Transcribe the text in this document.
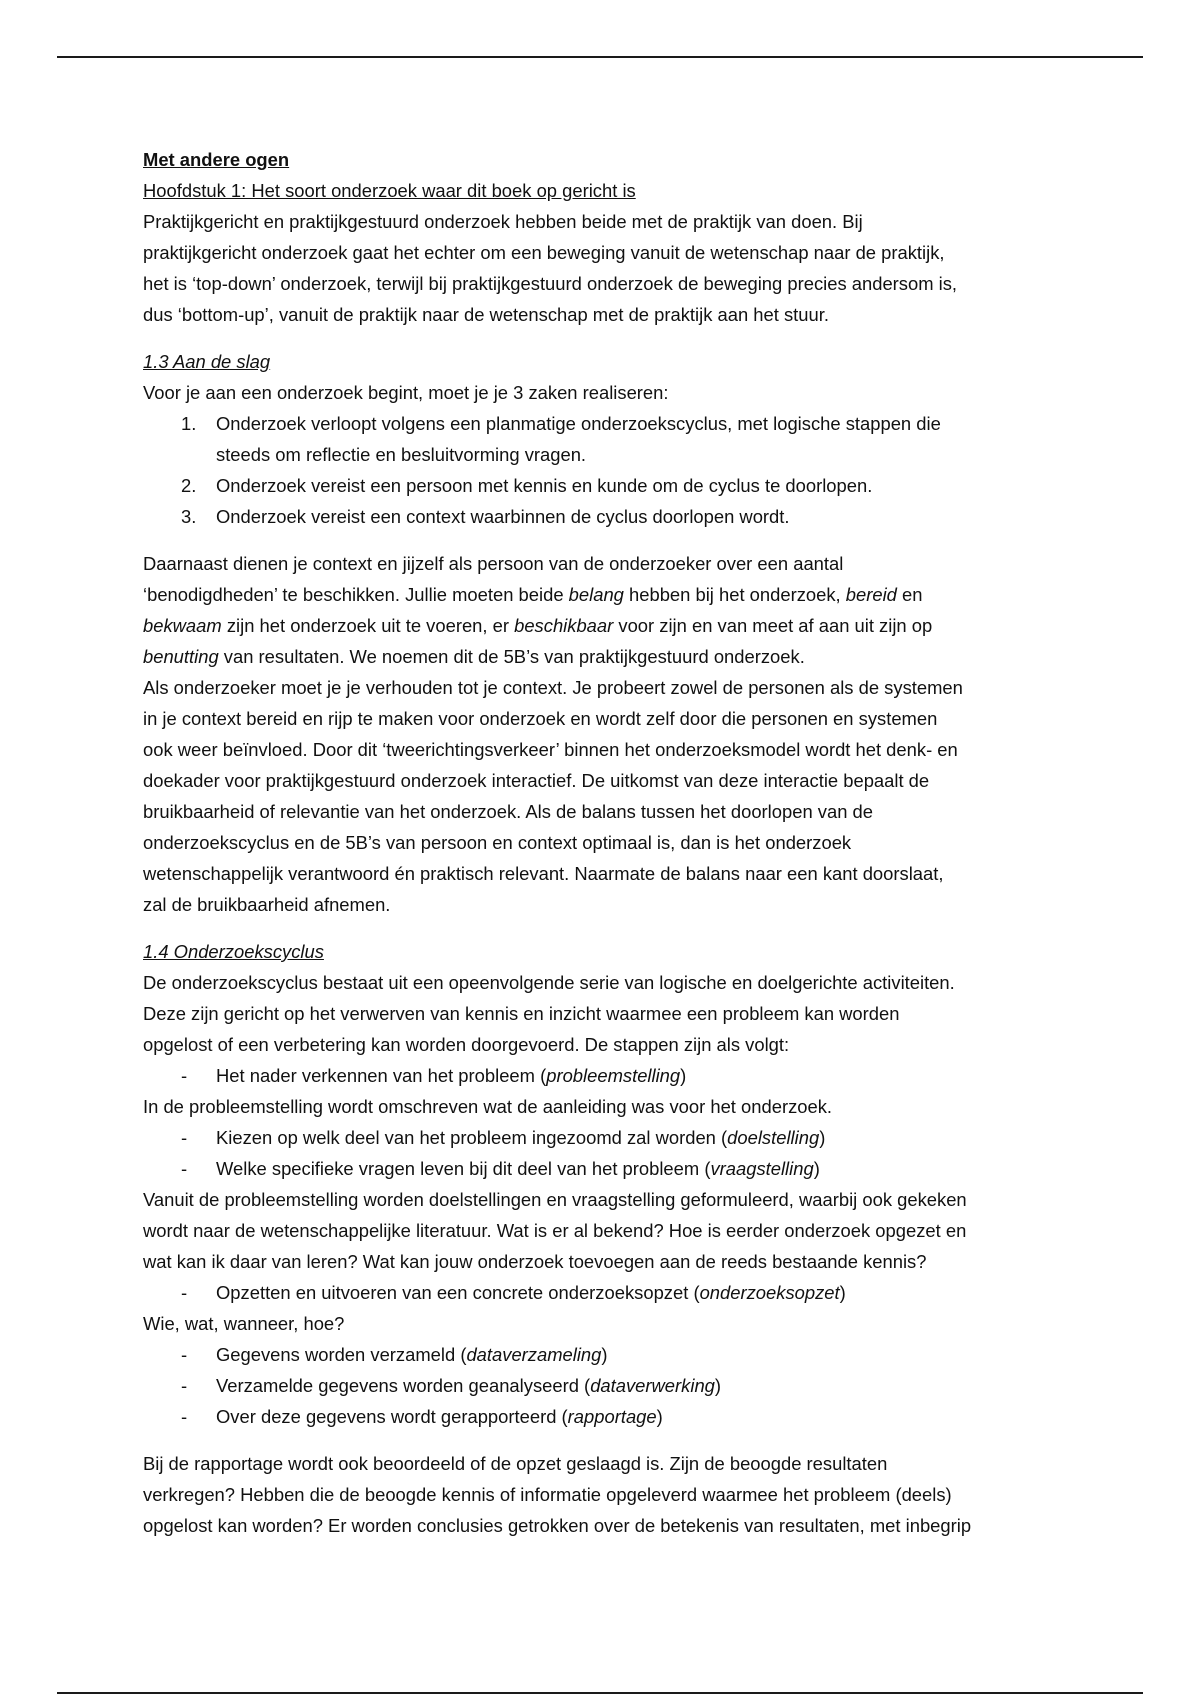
Met andere ogen
Hoofdstuk 1: Het soort onderzoek waar dit boek op gericht is
Praktijkgericht en praktijkgestuurd onderzoek hebben beide met de praktijk van doen. Bij
praktijkgericht onderzoek gaat het echter om een beweging vanuit de wetenschap naar de praktijk,
het is ‘top-down’ onderzoek, terwijl bij praktijkgestuurd onderzoek de beweging precies andersom is,
dus ‘bottom-up’, vanuit de praktijk naar de wetenschap met de praktijk aan het stuur.
1.3 Aan de slag
Voor je aan een onderzoek begint, moet je je 3 zaken realiseren:
1.	Onderzoek verloopt volgens een planmatige onderzoekscyclus, met logische stappen die
steeds om reflectie en besluitvorming vragen.
2.	Onderzoek vereist een persoon met kennis en kunde om de cyclus te doorlopen.
3.	Onderzoek vereist een context waarbinnen de cyclus doorlopen wordt.
Daarnaast dienen je context en jijzelf als persoon van de onderzoeker over een aantal
‘benodigdheden’ te beschikken. Jullie moeten beide belang hebben bij het onderzoek, bereid en
bekwaam zijn het onderzoek uit te voeren, er beschikbaar voor zijn en van meet af aan uit zijn op
benutting van resultaten. We noemen dit de 5B’s van praktijkgestuurd onderzoek.
Als onderzoeker moet je je verhouden tot je context. Je probeert zowel de personen als de systemen
in je context bereid en rijp te maken voor onderzoek en wordt zelf door die personen en systemen
ook weer beïnvloed. Door dit ‘tweerichtingsverkeer’ binnen het onderzoeksmodel wordt het denk- en
doekader voor praktijkgestuurd onderzoek interactief. De uitkomst van deze interactie bepaalt de
bruikbaarheid of relevantie van het onderzoek. Als de balans tussen het doorlopen van de
onderzoekscyclus en de 5B’s van persoon en context optimaal is, dan is het onderzoek
wetenschappelijk verantwoord én praktisch relevant. Naarmate de balans naar een kant doorslaat,
zal de bruikbaarheid afnemen.
1.4 Onderzoekscyclus
De onderzoekscyclus bestaat uit een opeenvolgende serie van logische en doelgerichte activiteiten.
Deze zijn gericht op het verwerven van kennis en inzicht waarmee een probleem kan worden
opgelost of een verbetering kan worden doorgevoerd. De stappen zijn als volgt:
- Het nader verkennen van het probleem (probleemstelling)
In de probleemstelling wordt omschreven wat de aanleiding was voor het onderzoek.
- Kiezen op welk deel van het probleem ingezoomd zal worden (doelstelling)
- Welke specifieke vragen leven bij dit deel van het probleem (vraagstelling)
Vanuit de probleemstelling worden doelstellingen en vraagstelling geformuleerd, waarbij ook gekeken
wordt naar de wetenschappelijke literatuur. Wat is er al bekend? Hoe is eerder onderzoek opgezet en
wat kan ik daar van leren? Wat kan jouw onderzoek toevoegen aan de reeds bestaande kennis?
- Opzetten en uitvoeren van een concrete onderzoeksopzet (onderzoeksopzet)
Wie, wat, wanneer, hoe?
- Gegevens worden verzameld (dataverzameling)
- Verzamelde gegevens worden geanalyseerd (dataverwerking)
- Over deze gegevens wordt gerapporteerd (rapportage)
Bij de rapportage wordt ook beoordeeld of de opzet geslaagd is. Zijn de beoogde resultaten
verkregen? Hebben die de beoogde kennis of informatie opgeleverd waarmee het probleem (deels)
opgelost kan worden? Er worden conclusies getrokken over de betekenis van resultaten, met inbegrip
